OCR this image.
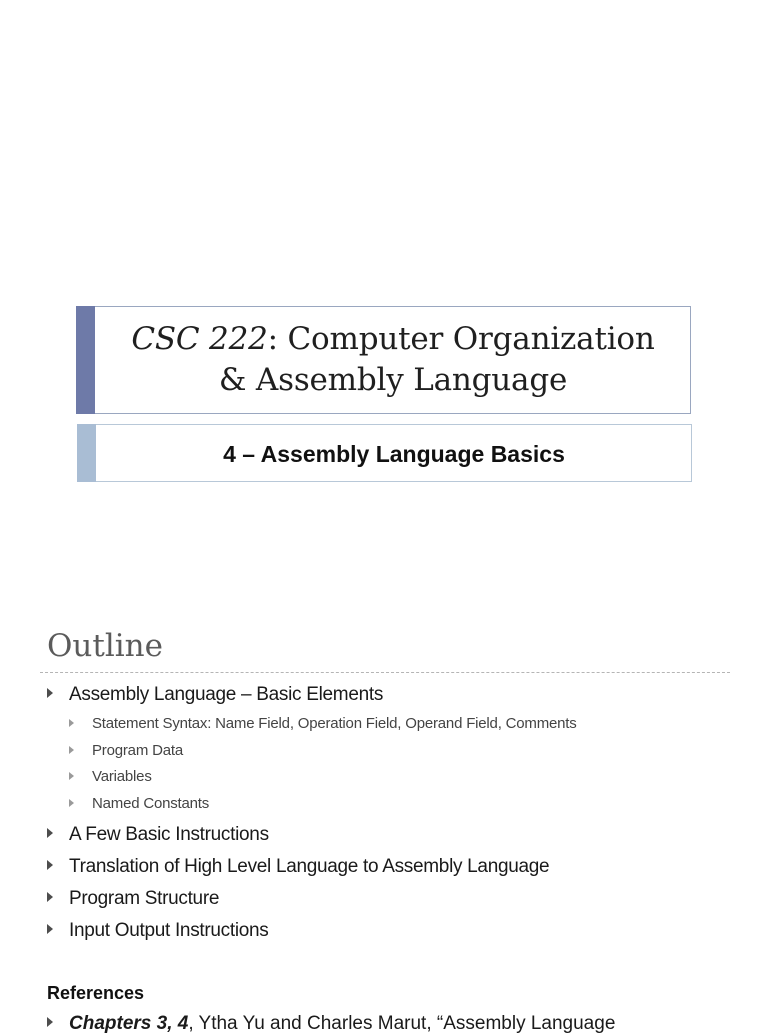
CSC 222: Computer Organization
& Assembly Language
4 – Assembly Language Basics
Outline
Assembly Language – Basic Elements
Statement Syntax: Name Field, Operation Field, Operand Field, Comments
Program Data
Variables
Named Constants
A Few Basic Instructions
Translation of High Level Language to Assembly Language
Program Structure
Input Output Instructions
References
Chapters 3, 4, Ytha Yu and Charles Marut, “Assembly Language
